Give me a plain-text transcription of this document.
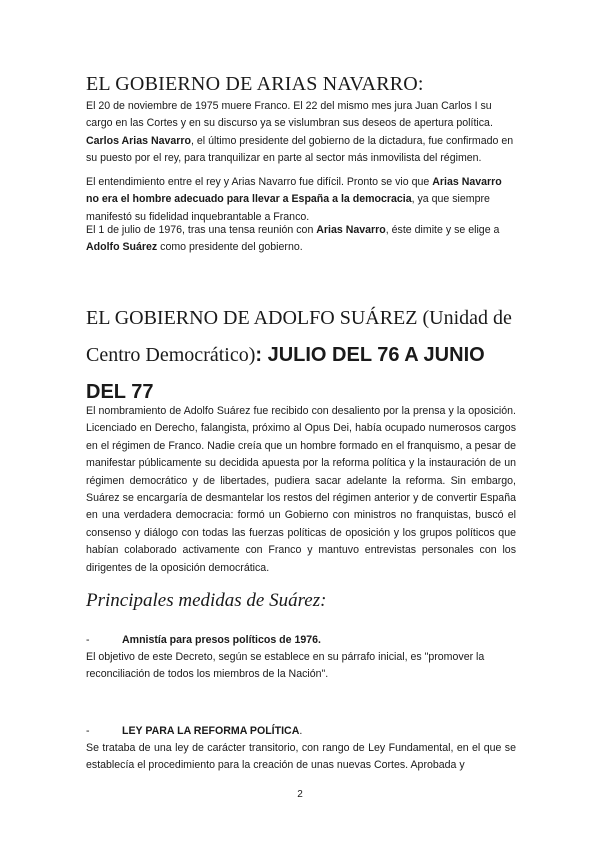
EL GOBIERNO DE ARIAS NAVARRO:

El 20 de noviembre de 1975 muere Franco. El 22 del mismo mes jura Juan Carlos I su cargo en las Cortes y en su discurso ya se vislumbran sus deseos de apertura política. Carlos Arias Navarro, el último presidente del gobierno de la dictadura, fue confirmado en su puesto por el rey, para tranquilizar en parte al sector más inmovilista del régimen.

El entendimiento entre el rey y Arias Navarro fue difícil. Pronto se vio que Arias Navarro no era el hombre adecuado para llevar a España a la democracia, ya que siempre manifestó su fidelidad inquebrantable a Franco.

El 1 de julio de 1976, tras una tensa reunión con Arias Navarro, éste dimite y se elige a Adolfo Suárez como presidente del gobierno.

EL GOBIERNO DE ADOLFO SUÁREZ (Unidad de Centro Democrático): JULIO DEL 76 A JUNIO DEL 77

El nombramiento de Adolfo Suárez fue recibido con desaliento por la prensa y la oposición. Licenciado en Derecho, falangista, próximo al Opus Dei, había ocupado numerosos cargos en el régimen de Franco. Nadie creía que un hombre formado en el franquismo, a pesar de manifestar públicamente su decidida apuesta por la reforma política y la instauración de un régimen democrático y de libertades, pudiera sacar adelante la reforma. Sin embargo, Suárez se encargaría de desmantelar los restos del régimen anterior y de convertir España en una verdadera democracia: formó un Gobierno con ministros no franquistas, buscó el consenso y diálogo con todas las fuerzas políticas de oposición y los grupos políticos que habían colaborado activamente con Franco y mantuvo entrevistas personales con los dirigentes de la oposición democrática.

Principales medidas de Suárez:
-	Amnistía para presos políticos de 1976.

El objetivo de este Decreto, según se establece en su párrafo inicial, es "promover la reconciliación de todos los miembros de la Nación".

-	LEY PARA LA REFORMA POLÍTICA.

Se trataba de una ley de carácter transitorio, con rango de Ley Fundamental, en el que se establecía el procedimiento para la creación de unas nuevas Cortes. Aprobada y

2
